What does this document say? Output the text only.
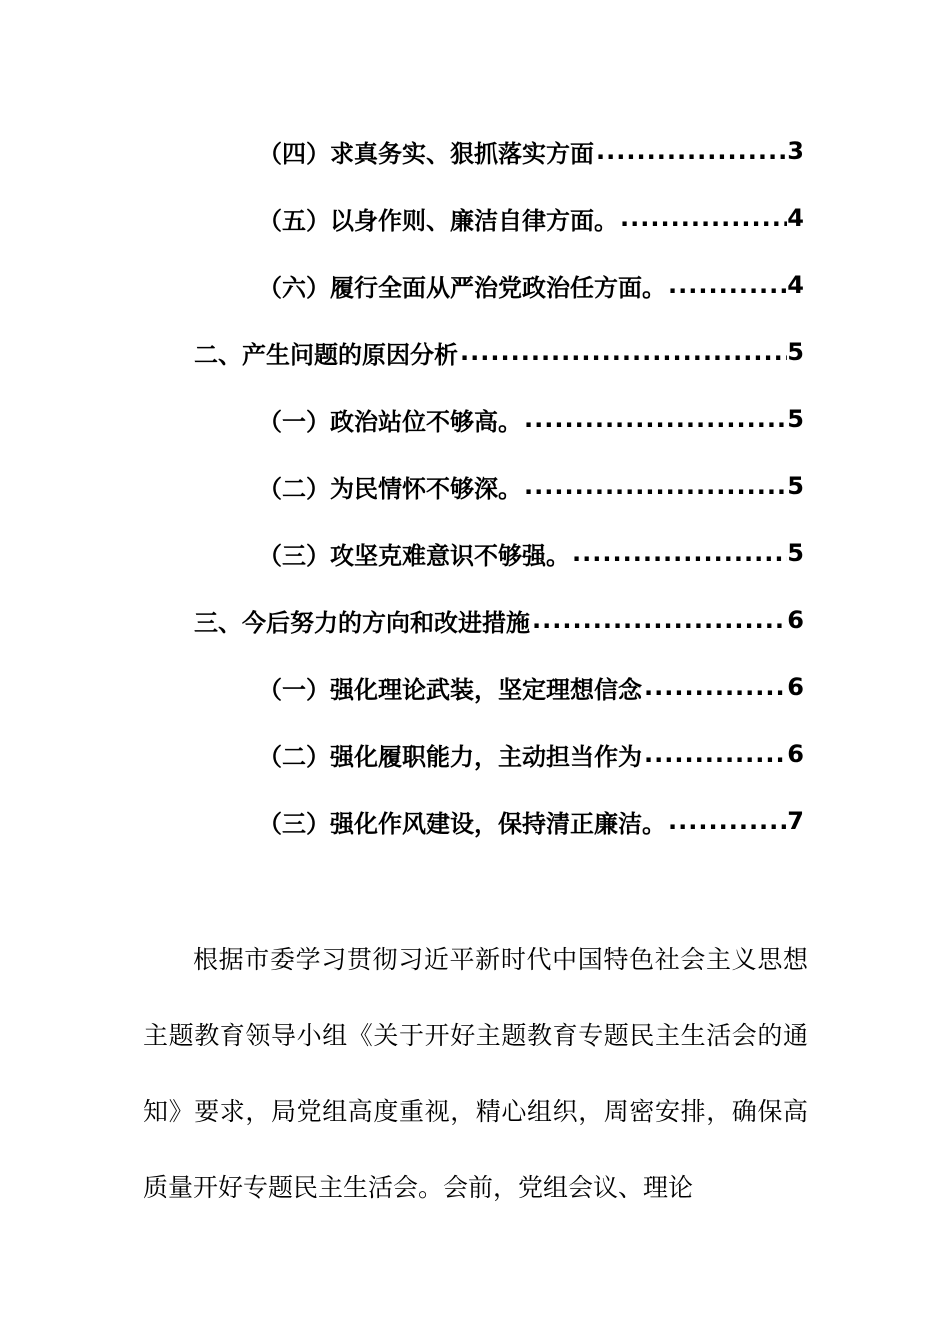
（四）求真务实、狠抓落实方面 .....	3
（五）以身作则、廉洁自律方面。 .....	4
（六）履行全面从严治党政治任方面。 .....	4
二、产生问题的原因分析 .....	5
（一）政治站位不够高。 .....	5
（二）为民情怀不够深。 .....	5
（三）攻坚克难意识不够强。 .....	5
三、今后努力的方向和改进措施 .....	6
（一）强化理论武装，坚定理想信念 .....	6
（二）强化履职能力，主动担当作为 .....	6
（三）强化作风建设，保持清正廉洁。 .....	7

根据市委学习贯彻习近平新时代中国特色社会主义思想主题教育领导小组《关于开好主题教育专题民主生活会的通知》要求，局党组高度重视，精心组织，周密安排，确保高质量开好专题民主生活会。会前，党组会议、理论
